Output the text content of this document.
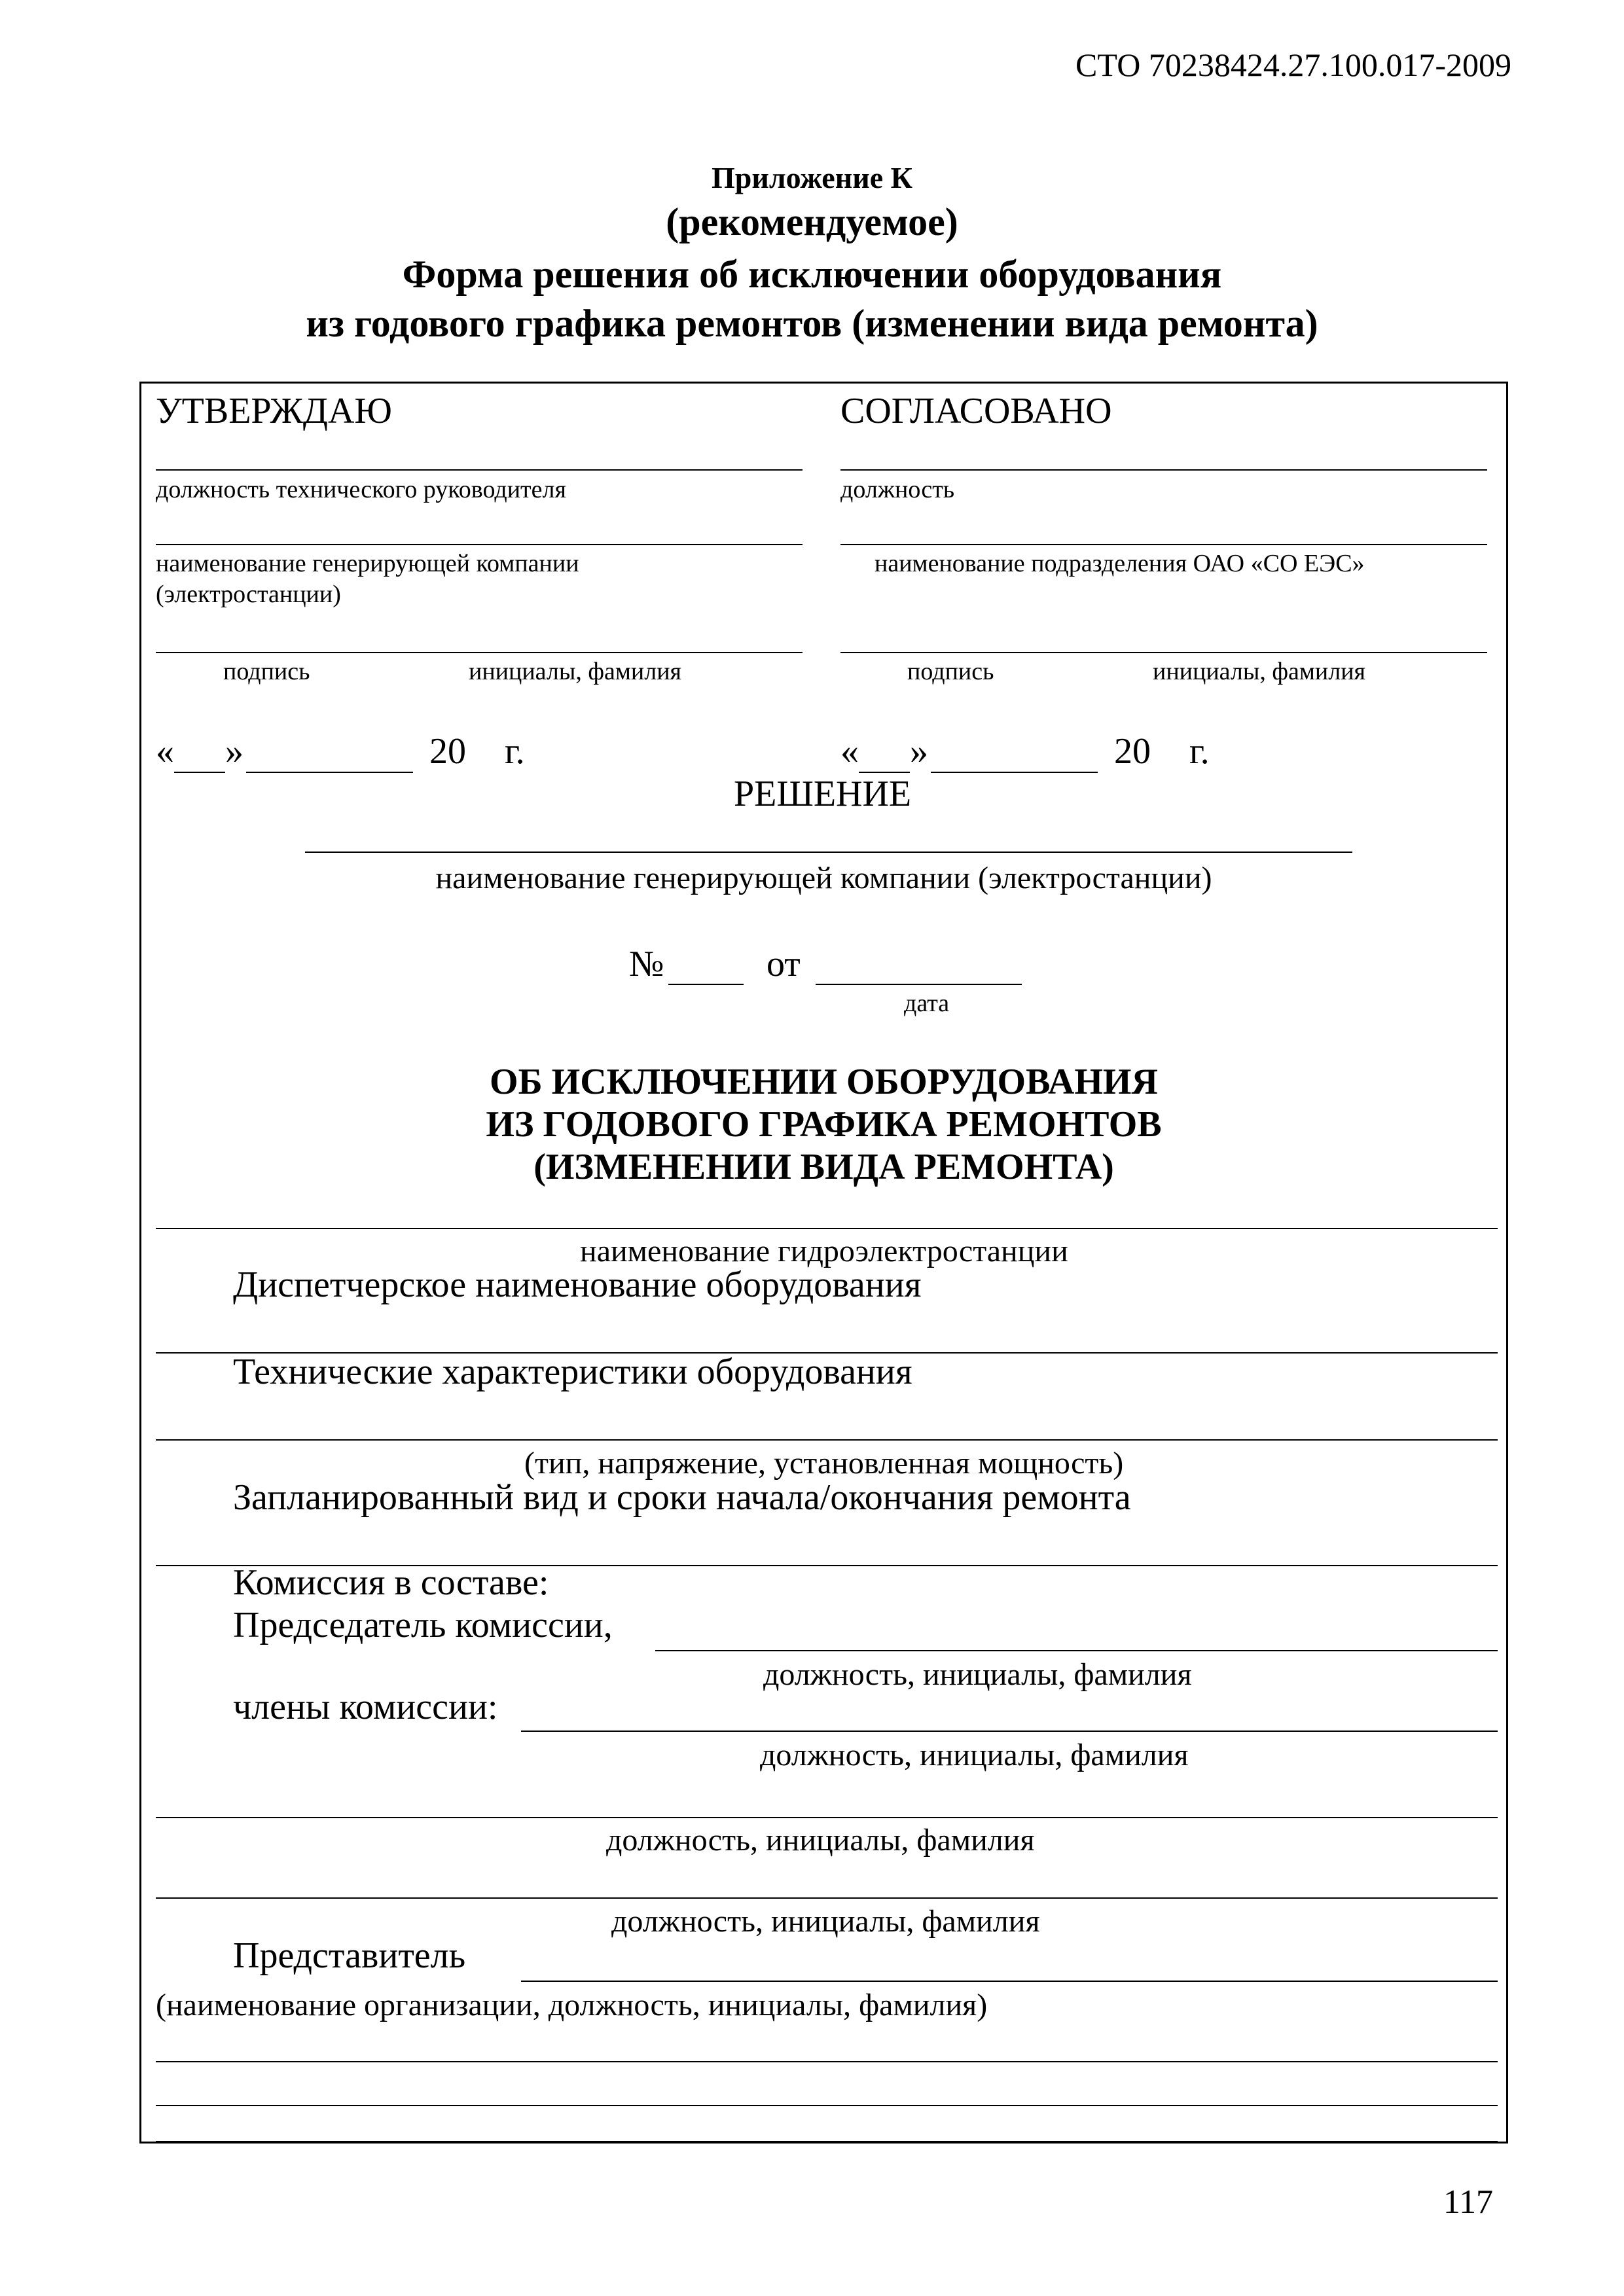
СТО 70238424.27.100.017-2009
Приложение К
(рекомендуемое)
Форма решения об исключении оборудования
из годового графика ремонтов (изменении вида ремонта)
УТВЕРЖДАЮ
должность технического руководителя
наименование генерирующей компании
(электростанции)
подпись	инициалы, фамилия
« »	20 г.
СОГЛАСОВАНО
должность
наименование подразделения ОАО «СО ЕЭС»
подпись	инициалы, фамилия
« »	20 г.
РЕШЕНИЕ
наименование генерирующей компании (электростанции)
№	от
дата
ОБ ИСКЛЮЧЕНИИ ОБОРУДОВАНИЯ
ИЗ ГОДОВОГО ГРАФИКА РЕМОНТОВ
(ИЗМЕНЕНИИ ВИДА РЕМОНТА)
наименование гидроэлектростанции
Диспетчерское наименование оборудования
Технические характеристики оборудования
(тип, напряжение, установленная мощность)
Запланированный вид и сроки начала/окончания ремонта
Комиссия в составе:
Председатель комиссии,
должность, инициалы, фамилия
члены комиссии:
должность, инициалы, фамилия
должность, инициалы, фамилия
должность, инициалы, фамилия
Представитель
(наименование организации, должность, инициалы, фамилия)
117
